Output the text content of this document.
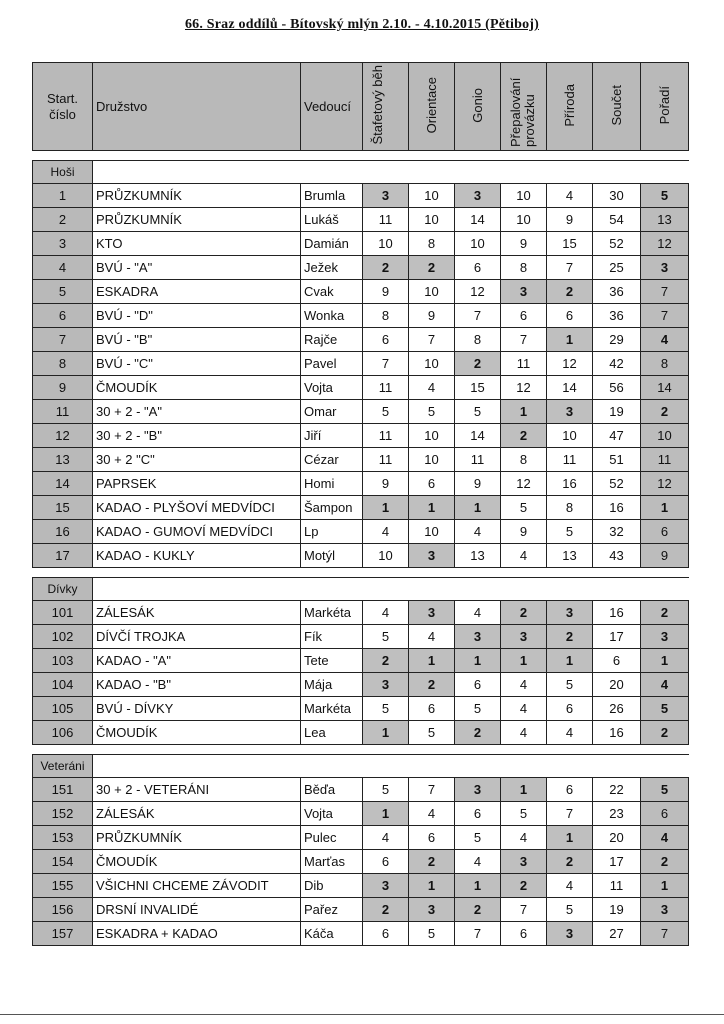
66. Sraz oddílů - Bítovský mlýn 2.10. - 4.10.2015 (Pětiboj)
Start.
číslo	Družstvo	Vedoucí	Štafetový běh	Orientace	Gonio	Přepalování provázku	Příroda	Součet	Pořadí

Hoši									
1	PRŮZKUMNÍK	Brumla	3	10	3	10	4	30	5
2	PRŮZKUMNÍK	Lukáš	11	10	14	10	9	54	13
3	KTO	Damián	10	8	10	9	15	52	12
4	BVÚ - "A"	Ježek	2	2	6	8	7	25	3
5	ESKADRA	Cvak	9	10	12	3	2	36	7
6	BVÚ - "D"	Wonka	8	9	7	6	6	36	7
7	BVÚ - "B"	Rajče	6	7	8	7	1	29	4
8	BVÚ - "C"	Pavel	7	10	2	11	12	42	8
9	ČMOUDÍK	Vojta	11	4	15	12	14	56	14
11	30 + 2 - "A"	Omar	5	5	5	1	3	19	2
12	30 + 2 - "B"	Jiří	11	10	14	2	10	47	10
13	30 + 2 "C"	Cézar	11	10	11	8	11	51	11
14	PAPRSEK	Homi	9	6	9	12	16	52	12
15	KADAO - PLYŠOVÍ MEDVÍDCI	Šampon	1	1	1	5	8	16	1
16	KADAO - GUMOVÍ MEDVÍDCI	Lp	4	10	4	9	5	32	6
17	KADAO - KUKLY	Motýl	10	3	13	4	13	43	9

Dívky									
101	ZÁLESÁK	Markéta	4	3	4	2	3	16	2
102	DÍVČÍ TROJKA	Fík	5	4	3	3	2	17	3
103	KADAO - "A"	Tete	2	1	1	1	1	6	1
104	KADAO - "B"	Mája	3	2	6	4	5	20	4
105	BVÚ - DÍVKY	Markéta	5	6	5	4	6	26	5
106	ČMOUDÍK	Lea	1	5	2	4	4	16	2

Veteráni									
151	30 + 2 - VETERÁNI	Běďa	5	7	3	1	6	22	5
152	ZÁLESÁK	Vojta	1	4	6	5	7	23	6
153	PRŮZKUMNÍK	Pulec	4	6	5	4	1	20	4
154	ČMOUDÍK	Marťas	6	2	4	3	2	17	2
155	VŠICHNI CHCEME ZÁVODIT	Dib	3	1	1	2	4	11	1
156	DRSNÍ INVALIDÉ	Pařez	2	3	2	7	5	19	3
157	ESKADRA + KADAO	Káča	6	5	7	6	3	27	7
